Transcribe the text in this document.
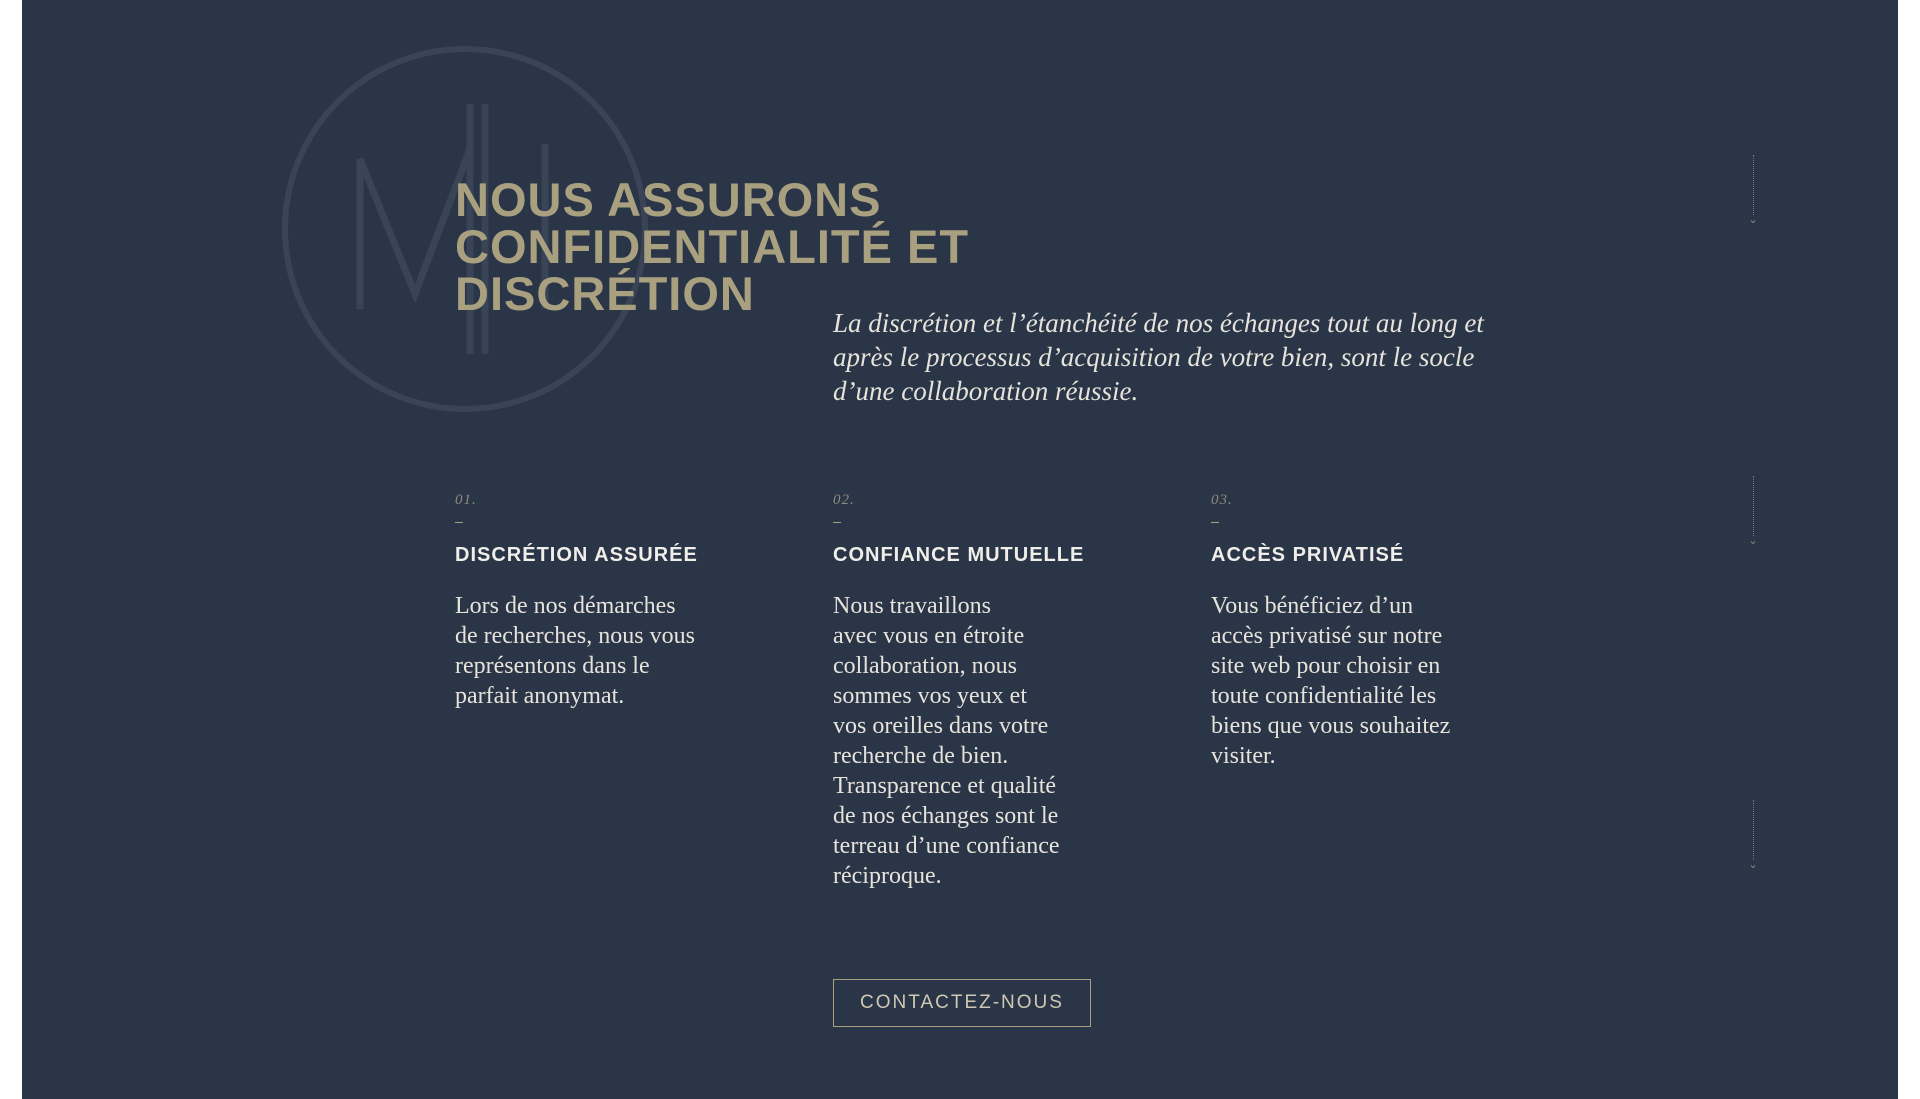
NOUS ASSURONS
CONFIDENTIALITÉ ET
DISCRÉTION

La discrétion et l’étanchéité de nos échanges tout au long et après le processus d’acquisition de votre bien, sont le socle d’une collaboration réussie.

01.
DISCRÉTION ASSURÉE
Lors de nos démarches
de recherches, nous vous
représentons dans le
parfait anonymat.
02.
CONFIANCE MUTUELLE
Nous travaillons
avec vous en étroite
collaboration, nous
sommes vos yeux et
vos oreilles dans votre
recherche de bien.
Transparence et qualité
de nos échanges sont le
terreau d’une confiance
réciproque.
03.
ACCÈS PRIVATISÉ
Vous bénéficiez d’un
accès privatisé sur notre
site web pour choisir en
toute confidentialité les
biens que vous souhaitez
visiter.
CONTACTEZ-NOUS
⌄
⌄
⌄
